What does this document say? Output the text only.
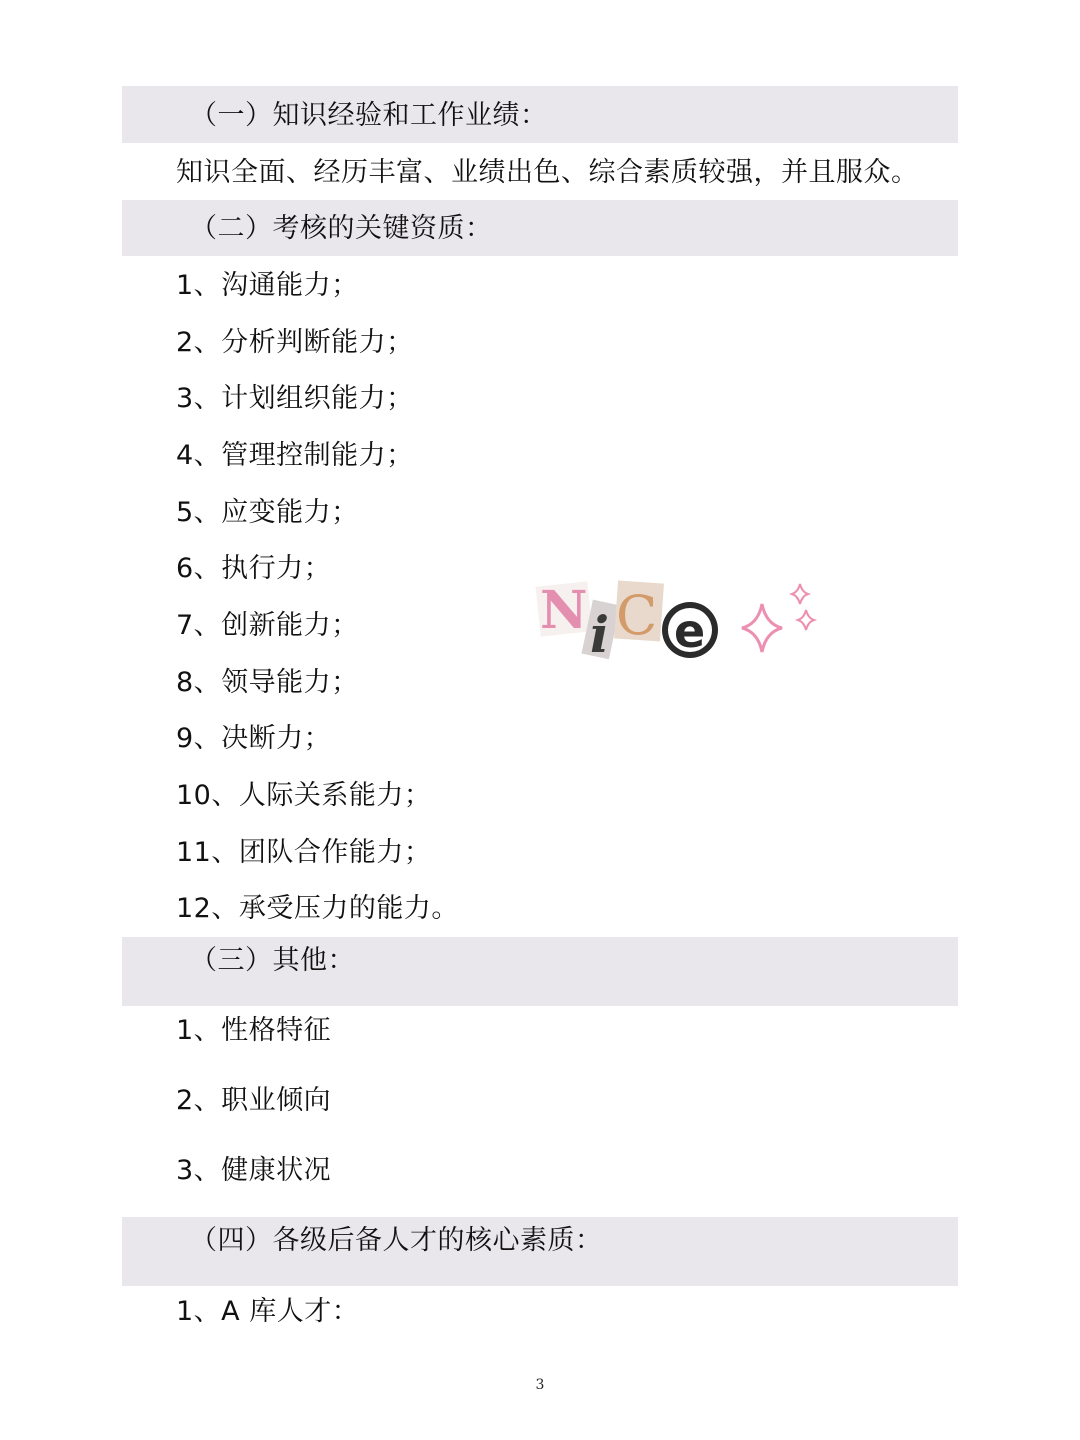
（一）知识经验和工作业绩：
知识全面、经历丰富、业绩出色、综合素质较强，并且服众。
（二）考核的关键资质：
1、沟通能力；
2、分析判断能力；
3、计划组织能力；
4、管理控制能力；
5、应变能力；
6、执行力；
7、创新能力；
8、领导能力；
9、决断力；
10、人际关系能力；
11、团队合作能力；
12、承受压力的能力。
（三）其他：
1、性格特征
2、职业倾向
3、健康状况
（四）各级后备人才的核心素质：
1、A 库人才：
N i C e
3
